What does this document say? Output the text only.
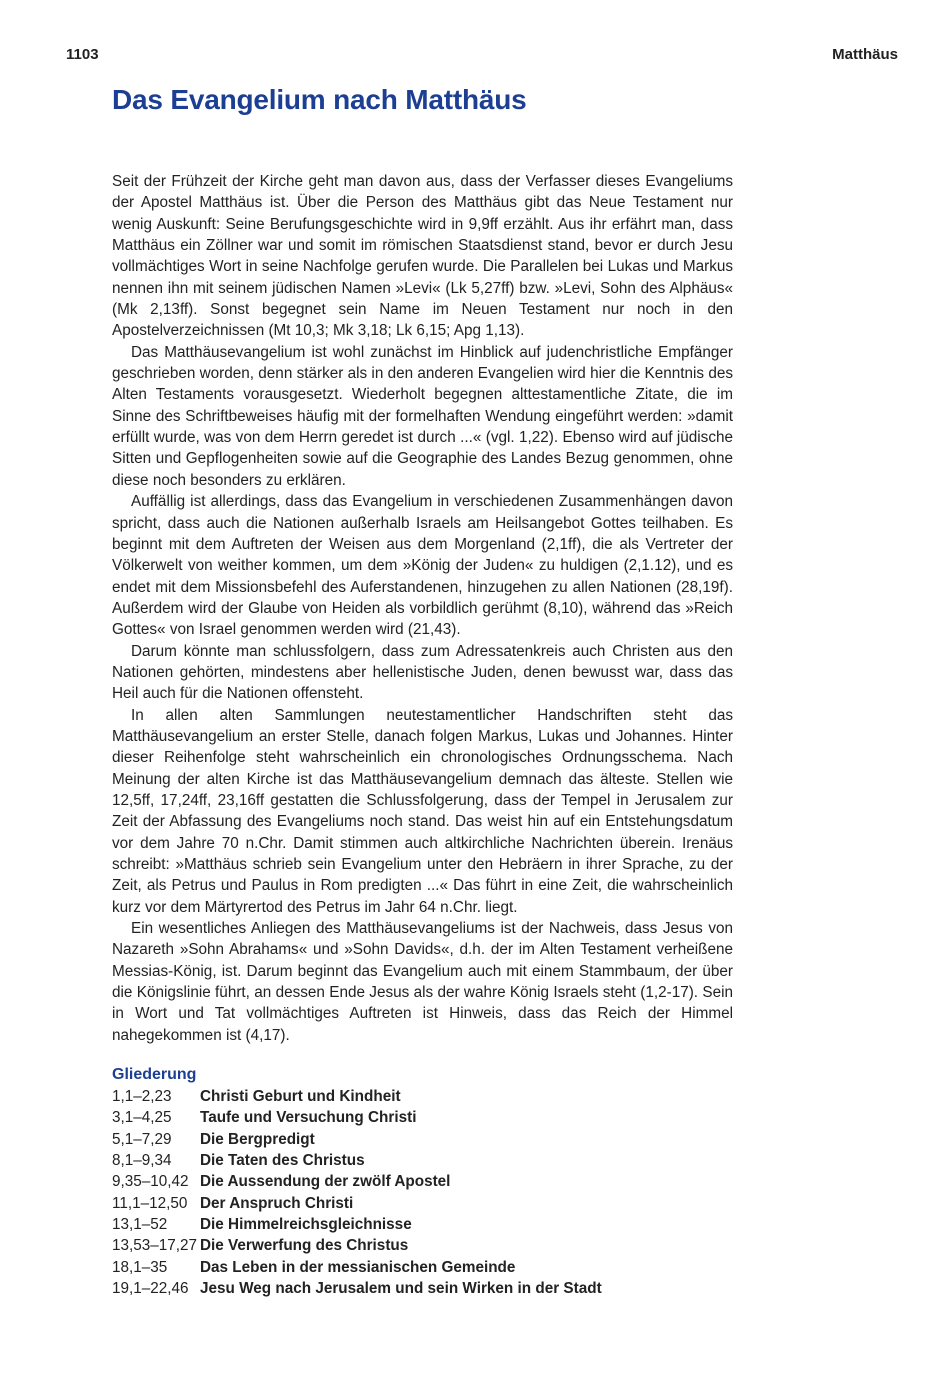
1103	Matthäus
Das Evangelium nach Matthäus

Seit der Frühzeit der Kirche geht man davon aus, dass der Verfasser dieses Evangeliums der Apostel Matthäus ist. Über die Person des Matthäus gibt das Neue Testament nur wenig Auskunft: Seine Berufungsgeschichte wird in 9,9ff erzählt. Aus ihr erfährt man, dass Matthäus ein Zöllner war und somit im römischen Staatsdienst stand, bevor er durch Jesu vollmächtiges Wort in seine Nachfolge gerufen wurde. Die Parallelen bei Lukas und Markus nennen ihn mit seinem jüdischen Namen »Levi« (Lk 5,27ff) bzw. »Levi, Sohn des Alphäus« (Mk 2,13ff). Sonst begegnet sein Name im Neuen Testament nur noch in den Apostelverzeichnissen (Mt 10,3; Mk 3,18; Lk 6,15; Apg 1,13).

Das Matthäusevangelium ist wohl zunächst im Hinblick auf judenchristliche Empfänger geschrieben worden, denn stärker als in den anderen Evangelien wird hier die Kenntnis des Alten Testaments vorausgesetzt. Wiederholt begegnen alttestamentliche Zitate, die im Sinne des Schriftbeweises häufig mit der formelhaften Wendung eingeführt werden: »damit erfüllt wurde, was von dem Herrn geredet ist durch ...« (vgl. 1,22). Ebenso wird auf jüdische Sitten und Gepflogenheiten sowie auf die Geographie des Landes Bezug genommen, ohne diese noch besonders zu erklären.

Auffällig ist allerdings, dass das Evangelium in verschiedenen Zusammenhängen davon spricht, dass auch die Nationen außerhalb Israels am Heilsangebot Gottes teilhaben. Es beginnt mit dem Auftreten der Weisen aus dem Morgenland (2,1ff), die als Vertreter der Völkerwelt von weither kommen, um dem »König der Juden« zu huldigen (2,1.12), und es endet mit dem Missionsbefehl des Auferstandenen, hinzugehen zu allen Nationen (28,19f). Außerdem wird der Glaube von Heiden als vorbildlich gerühmt (8,10), während das »Reich Gottes« von Israel genommen werden wird (21,43).

Darum könnte man schlussfolgern, dass zum Adressatenkreis auch Christen aus den Nationen gehörten, mindestens aber hellenistische Juden, denen bewusst war, dass das Heil auch für die Nationen offensteht.

In allen alten Sammlungen neutestamentlicher Handschriften steht das Matthäusevangelium an erster Stelle, danach folgen Markus, Lukas und Johannes. Hinter dieser Reihenfolge steht wahrscheinlich ein chronologisches Ordnungsschema. Nach Meinung der alten Kirche ist das Matthäusevangelium demnach das älteste. Stellen wie 12,5ff, 17,24ff, 23,16ff gestatten die Schlussfolgerung, dass der Tempel in Jerusalem zur Zeit der Abfassung des Evangeliums noch stand. Das weist hin auf ein Entstehungsdatum vor dem Jahre 70 n.Chr. Damit stimmen auch altkirchliche Nachrichten überein. Irenäus schreibt: »Matthäus schrieb sein Evangelium unter den Hebräern in ihrer Sprache, zu der Zeit, als Petrus und Paulus in Rom predigten ...« Das führt in eine Zeit, die wahrscheinlich kurz vor dem Märtyrertod des Petrus im Jahr 64 n.Chr. liegt.

Ein wesentliches Anliegen des Matthäusevangeliums ist der Nachweis, dass Jesus von Nazareth »Sohn Abrahams« und »Sohn Davids«, d.h. der im Alten Testament verheißene Messias-König, ist. Darum beginnt das Evangelium auch mit einem Stammbaum, der über die Königslinie führt, an dessen Ende Jesus als der wahre König Israels steht (1,2-17). Sein in Wort und Tat vollmächtiges Auftreten ist Hinweis, dass das Reich der Himmel nahegekommen ist (4,17).

Gliederung
1,1–2,23	Christi Geburt und Kindheit
3,1–4,25	Taufe und Versuchung Christi
5,1–7,29	Die Bergpredigt
8,1–9,34	Die Taten des Christus
9,35–10,42 Die Aussendung der zwölf Apostel
11,1–12,50 Der Anspruch Christi
13,1–52	Die Himmelreichsgleichnisse
13,53–17,27 Die Verwerfung des Christus
18,1–35	Das Leben in der messianischen Gemeinde
19,1–22,46 Jesu Weg nach Jerusalem und sein Wirken in der Stadt
